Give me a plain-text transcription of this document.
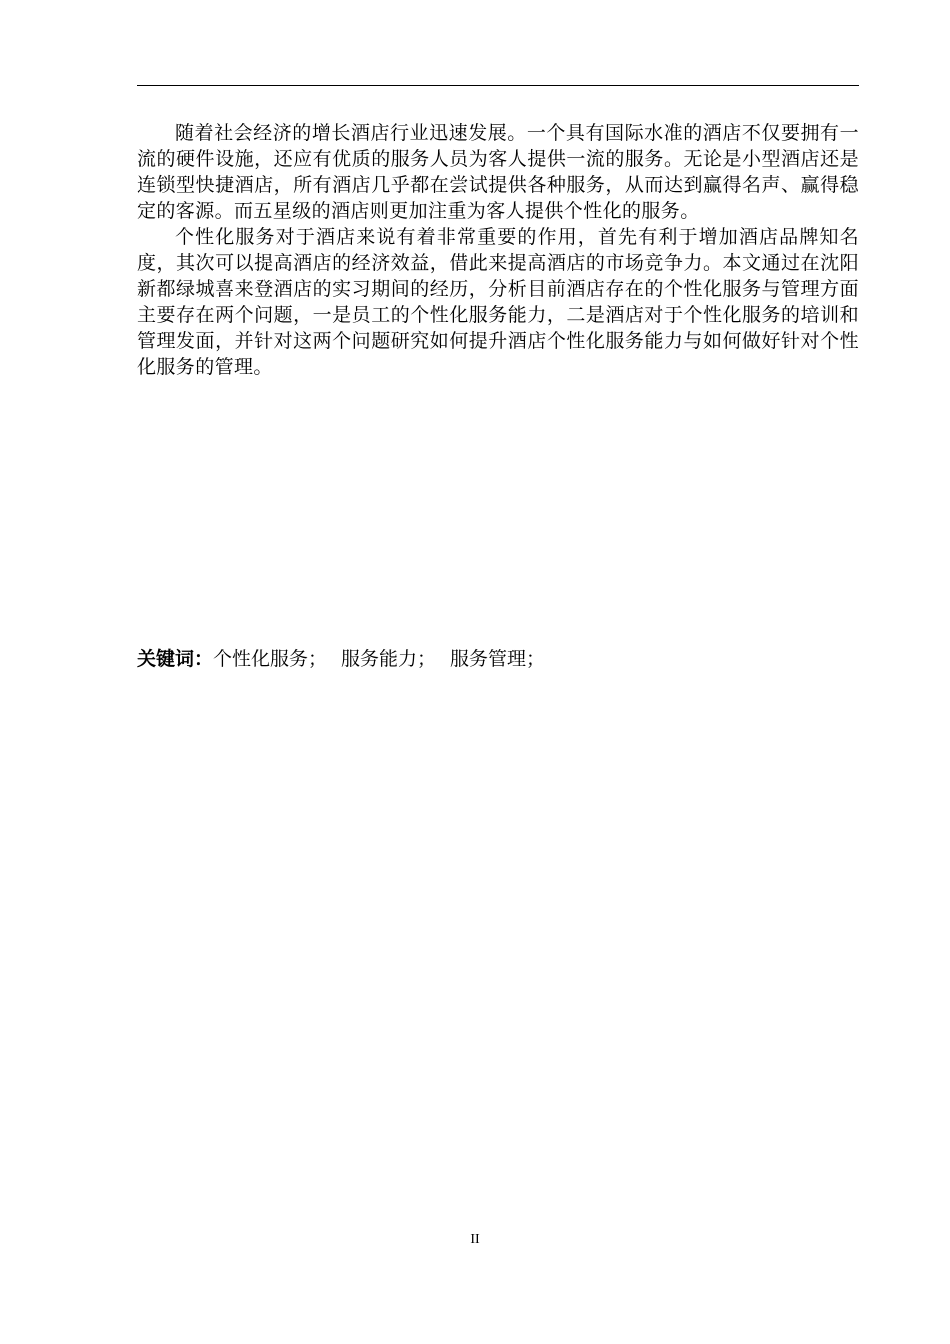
随着社会经济的增长酒店行业迅速发展。一个具有国际水准的酒店不仅要拥有一流的硬件设施，还应有优质的服务人员为客人提供一流的服务。无论是小型酒店还是连锁型快捷酒店，所有酒店几乎都在尝试提供各种服务，从而达到赢得名声、赢得稳定的客源。而五星级的酒店则更加注重为客人提供个性化的服务。

个性化服务对于酒店来说有着非常重要的作用，首先有利于增加酒店品牌知名度，其次可以提高酒店的经济效益，借此来提高酒店的市场竞争力。本文通过在沈阳新都绿城喜来登酒店的实习期间的经历，分析目前酒店存在的个性化服务与管理方面主要存在两个问题，一是员工的个性化服务能力，二是酒店对于个性化服务的培训和管理发面，并针对这两个问题研究如何提升酒店个性化服务能力与如何做好针对个性化服务的管理。

关键词：个性化服务； 服务能力； 服务管理；
II
